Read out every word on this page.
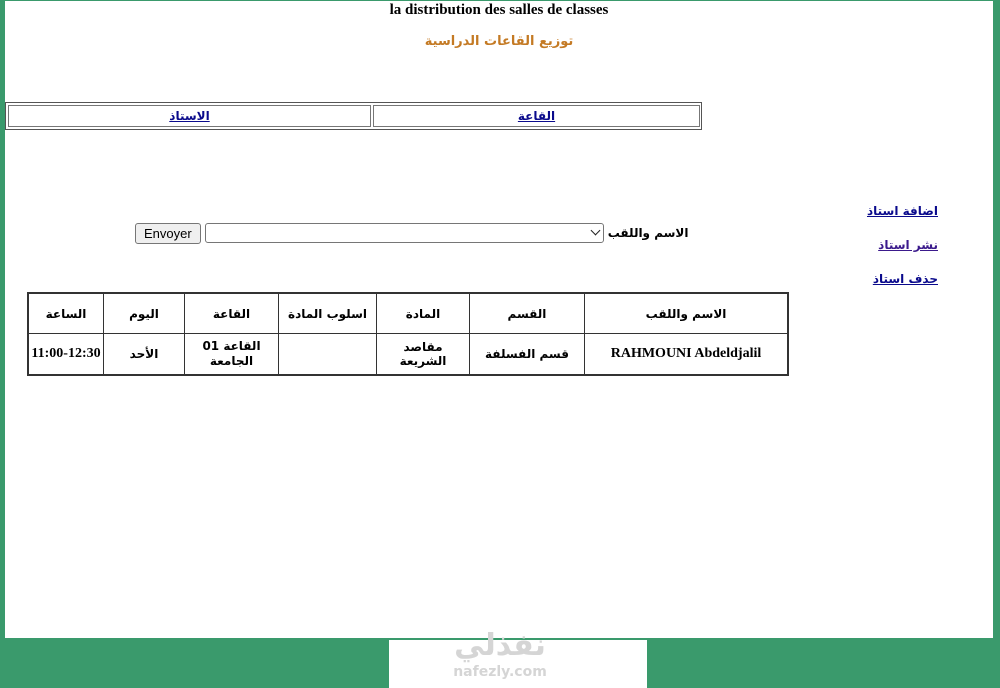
la distribution des salles de classes
توزيع القاعات الدراسية
الاستاذ	القاعة
اضافة استاذ
نشر استاذ
حذف استاذ
الاسم واللقب
Envoyer
الاسم واللقب	القسم	المادة	اسلوب المادة	القاعة	اليوم	الساعة
RAHMOUNI Abdeldjalil	قسم الفسلفة	مقاصد الشريعة		القاعة 01 الجامعة	الأحد	11:00-12:30
نفذلي
nafezly.com
